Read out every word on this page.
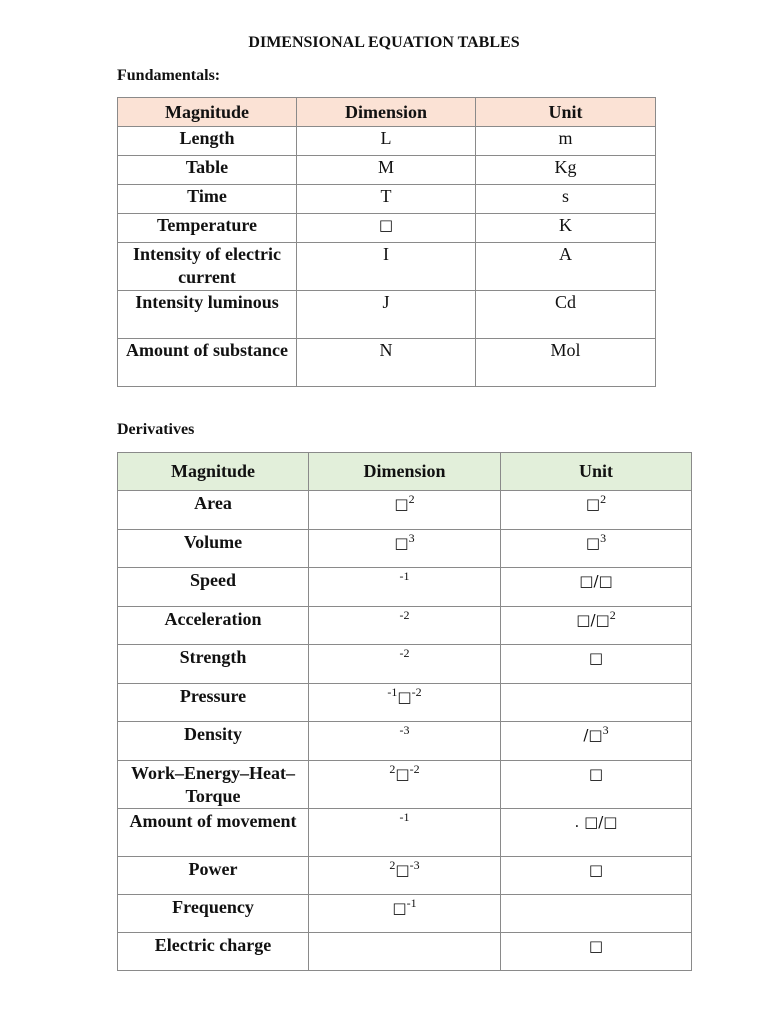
DIMENSIONAL EQUATION TABLES
Fundamentals:
Magnitude	Dimension	Unit
Length	L	m
Table	M	Kg
Time	T	s
Temperature	□	K
Intensity of electric current	I	A
Intensity luminous	J	Cd
Amount of substance	N	Mol
Derivatives
Magnitude	Dimension	Unit
Area	□$^2$	□$^2$
Volume	□$^3$	□$^3$
Speed	$^{-1}$	□/□
Acceleration	$^{-2}$	□/□$^2$
Strength	$^{-2}$	□
Pressure	$^{-1}$□$^{-2}$	
Density	$^{-3}$	/□$^3$
Work–Energy–Heat–Torque	$^2$□$^{-2}$	□
Amount of movement	$^{-1}$	. □/□
Power	$^2$□$^{-3}$	□
Frequency	□$^{-1}$	
Electric charge		□
